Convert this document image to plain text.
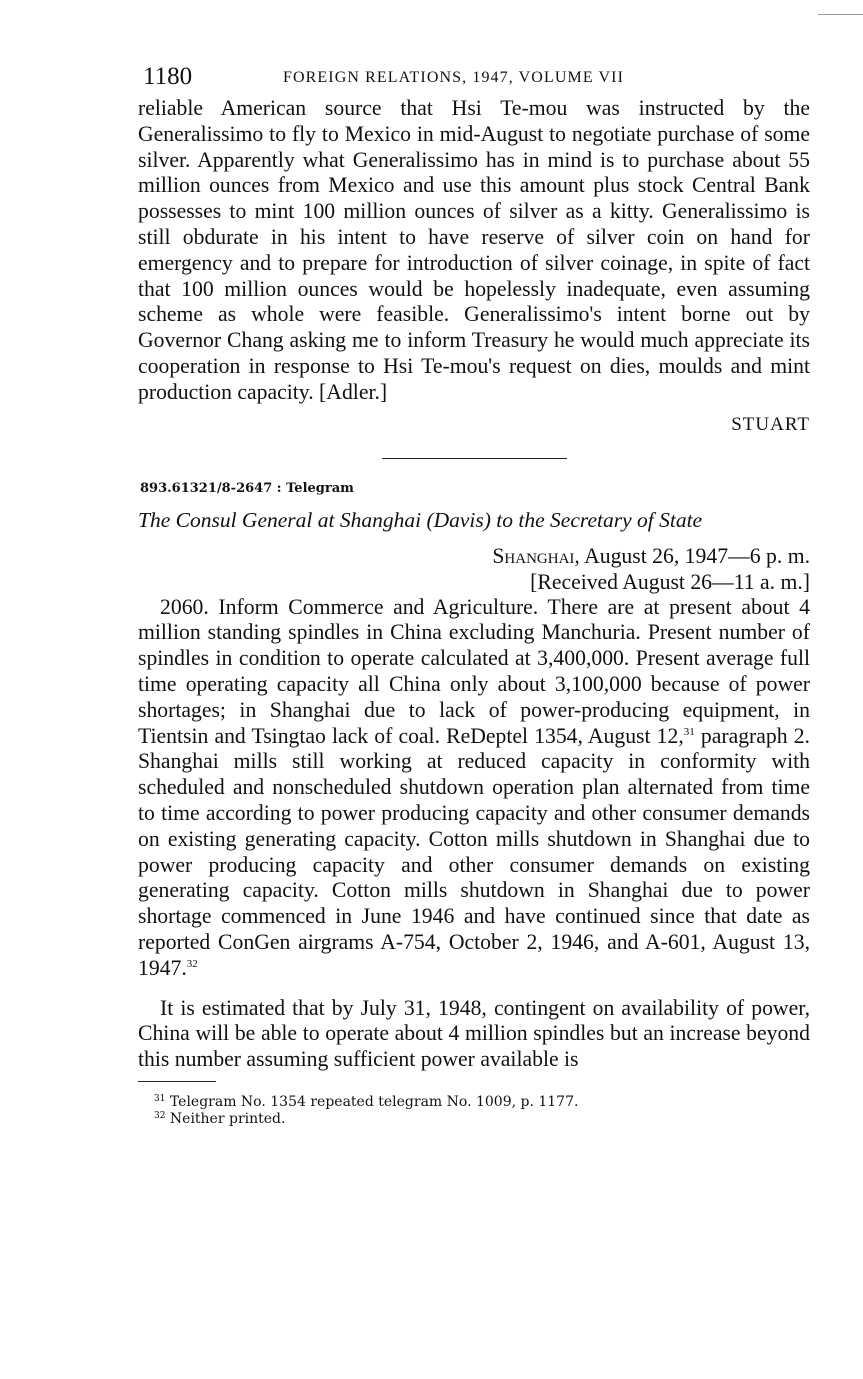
1180	FOREIGN RELATIONS, 1947, VOLUME VII

reliable American source that Hsi Te-mou was instructed by the Generalissimo to fly to Mexico in mid-August to negotiate purchase of some silver. Apparently what Generalissimo has in mind is to purchase about 55 million ounces from Mexico and use this amount plus stock Central Bank possesses to mint 100 million ounces of silver as a kitty. Generalissimo is still obdurate in his intent to have reserve of silver coin on hand for emergency and to prepare for introduction of silver coinage, in spite of fact that 100 million ounces would be hopelessly inadequate, even assuming scheme as whole were feasible. Generalissimo's intent borne out by Governor Chang asking me to inform Treasury he would much appreciate its cooperation in response to Hsi Te-mou's request on dies, moulds and mint production capacity. [Adler.]

STUART
893.61321/8-2647 : Telegram
The Consul General at Shanghai (Davis) to the Secretary of State
Shanghai, August 26, 1947—6 p. m.
[Received August 26—11 a. m.]

2060. Inform Commerce and Agriculture. There are at present about 4 million standing spindles in China excluding Manchuria. Present number of spindles in condition to operate calculated at 3,400,000. Present average full time operating capacity all China only about 3,100,000 because of power shortages; in Shanghai due to lack of power-producing equipment, in Tientsin and Tsingtao lack of coal. ReDeptel 1354, August 12,31 paragraph 2. Shanghai mills still working at reduced capacity in conformity with scheduled and nonscheduled shutdown operation plan alternated from time to time according to power producing capacity and other consumer demands on existing generating capacity. Cotton mills shutdown in Shanghai due to power producing capacity and other consumer demands on existing generating capacity. Cotton mills shutdown in Shanghai due to power shortage commenced in June 1946 and have continued since that date as reported ConGen airgrams A-754, October 2, 1946, and A-601, August 13, 1947.32

It is estimated that by July 31, 1948, contingent on availability of power, China will be able to operate about 4 million spindles but an increase beyond this number assuming sufficient power available is

$^{31}$ Telegram No. 1354 repeated telegram No. 1009, p. 1177.
$^{32}$ Neither printed.
